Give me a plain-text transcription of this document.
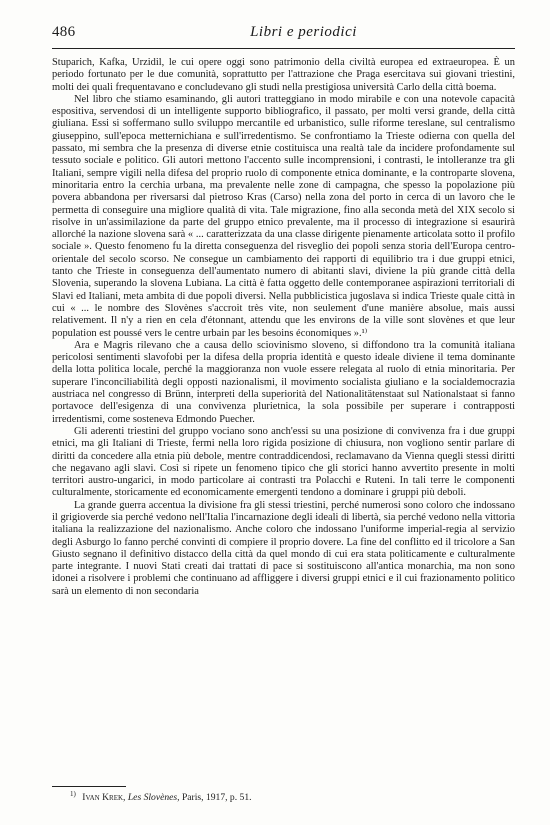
486	Libri e periodici

Stuparich, Kafka, Urzidil, le cui opere oggi sono patrimonio della civiltà europea ed extraeuropea. È un periodo fortunato per le due comunità, soprattutto per l'attrazione che Praga esercitava sui giovani triestini, molti dei quali frequentavano e concludevano gli studi nella prestigiosa università Carlo della città boema.

Nel libro che stiamo esaminando, gli autori tratteggiano in modo mirabile e con una notevole capacità espositiva, servendosi di un intelligente supporto bibliografico, il passato, per molti versi grande, della città giuliana. Essi si soffermano sullo sviluppo mercantile ed urbanistico, sulle riforme tereslane, sul centralismo giuseppino, sull'epoca metternichiana e sull'irredentismo. Se confrontiamo la Trieste odierna con quella del passato, mi sembra che la presenza di diverse etnie costituisca una realtà tale da incidere profondamente sul tessuto sociale e politico. Gli autori mettono l'accento sulle incomprensioni, i contrasti, le intolleranze tra gli Italiani, sempre vigili nella difesa del proprio ruolo di componente etnica dominante, e la controparte slovena, minoritaria entro la cerchia urbana, ma prevalente nelle zone di campagna, che spesso la popolazione più povera abbandona per riversarsi dal pietroso Kras (Carso) nella zona del porto in cerca di un lavoro che le permetta di conseguire una migliore qualità di vita. Tale migrazione, fino alla seconda metà del XIX secolo si risolve in un'assimilazione da parte del gruppo etnico prevalente, ma il processo di integrazione si esaurirà allorché la nazione slovena sarà « ... caratterizzata da una classe dirigente pienamente articolata sotto il profilo sociale ». Questo fenomeno fu la diretta conseguenza del risveglio dei popoli senza storia dell'Europa centro-orientale del secolo scorso. Ne consegue un cambiamento dei rapporti di equilibrio tra i due gruppi etnici, tanto che Trieste in conseguenza dell'aumentato numero di abitanti slavi, diviene la più grande città della Slovenia, superando la slovena Lubiana. La città è fatta oggetto delle contemporanee aspirazioni territoriali di Slavi ed Italiani, meta ambita di due popoli diversi. Nella pubblicistica jugoslava si indica Trieste quale città in cui « ... le nombre des Slovènes s'accroit très vite, non seulement d'une manière absolue, mais aussi relativement. Il n'y a rien en cela d'étonnant, attendu que les environs de la ville sont slovènes et que leur population est poussé vers le centre urbain par les besoins économiques ».¹⁾

Ara e Magris rilevano che a causa dello sciovinismo sloveno, si diffondono tra la comunità italiana pericolosi sentimenti slavofobi per la difesa della propria identità e questo ideale diviene il tema dominante della lotta politica locale, perché la maggioranza non vuole essere relegata al ruolo di etnia minoritaria. Per superare l'inconciliabilità degli opposti nazionalismi, il movimento socialista giuliano e la socialdemocrazia austriaca nel congresso di Brünn, interpreti della superiorità del Nationalitätenstaat sul Nationalstaat si fanno portavoce dell'esigenza di una convivenza plurietnica, la sola possibile per superare i contrapposti irredentismi, come sosteneva Edmondo Puecher.

Gli aderenti triestini del gruppo vociano sono anch'essi su una posizione di convivenza fra i due gruppi etnici, ma gli Italiani di Trieste, fermi nella loro rigida posizione di chiusura, non vogliono sentir parlare di diritti da concedere alla etnia più debole, mentre contraddicendosi, reclamavano da Vienna quegli stessi diritti che negavano agli slavi. Così si ripete un fenomeno tipico che gli storici hanno avvertito presente in molti territori austro-ungarici, in modo particolare ai contrasti tra Polacchi e Ruteni. In tali terre le componenti culturalmente, storicamente ed economicamente emergenti tendono a dominare i gruppi più deboli.

La grande guerra accentua la divisione fra gli stessi triestini, perché numerosi sono coloro che indossano il grigioverde sia perché vedono nell'Italia l'incarnazione degli ideali di libertà, sia perché vedono nella vittoria italiana la realizzazione del nazionalismo. Anche coloro che indossano l'uniforme imperial-regia al servizio degli Asburgo lo fanno perché convinti di compiere il proprio dovere. La fine del conflitto ed il tricolore a San Giusto segnano il definitivo distacco della città da quel mondo di cui era stata politicamente e culturalmente parte integrante. I nuovi Stati creati dai trattati di pace si sostituiscono all'antica monarchia, ma non sono idonei a risolvere i problemi che continuano ad affliggere i diversi gruppi etnici e il cui frazionamento politico sarà un elemento di non secondaria

$^{1)}$ Ivan Krek, Les Slovènes, Paris, 1917, p. 51.
